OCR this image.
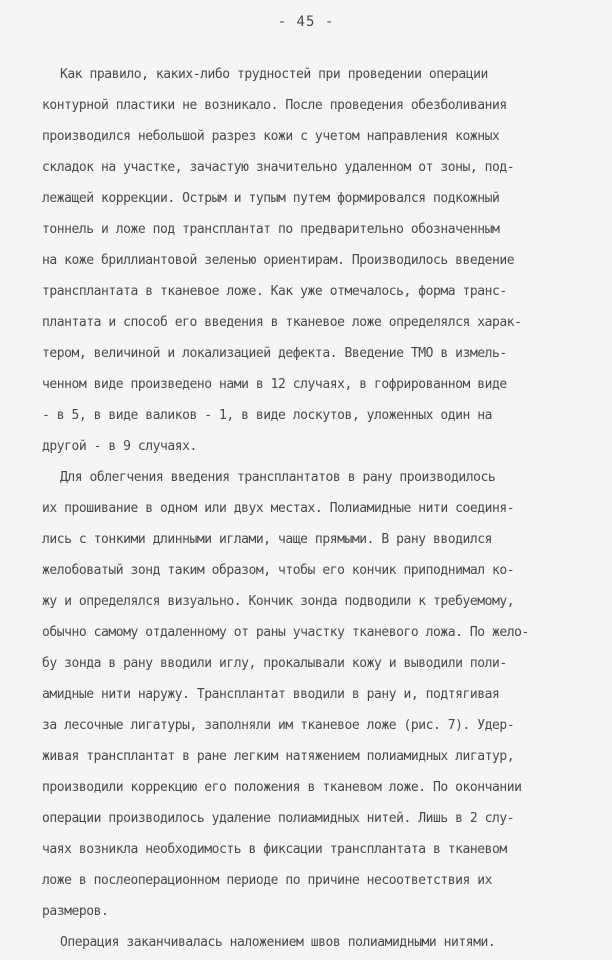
- 45 -
Как правило, каких-либо трудностей при проведении операции
контурной пластики не возникало. После проведения обезболивания
производился небольшой разрез кожи с учетом направления кожных
складок на участке, зачастую значительно удаленном от зоны, под-
лежащей коррекции. Острым и тупым путем формировался подкожный
тоннель и ложе под трансплантат по предварительно обозначенным
на коже бриллиантовой зеленью ориентирам. Производилось введение
трансплантата в тканевое ложе. Как уже отмечалось, форма транс-
плантата и способ его введения в тканевое ложе определялся харак-
тером, величиной и локализацией дефекта. Введение ТМО в измель-
ченном виде произведено нами в 12 случаях, в гофрированном виде
- в 5, в виде валиков - 1, в виде лоскутов, уложенных один на
другой - в 9 случаях.
Для облегчения введения трансплантатов в рану производилось
их прошивание в одном или двух местах. Полиамидные нити соединя-
лись с тонкими длинными иглами, чаще прямыми. В рану вводился
желобоватый зонд таким образом, чтобы его кончик приподнимал ко-
жу и определялся визуально. Кончик зонда подводили к требуемому,
обычно самому отдаленному от раны участку тканевого ложа. По жело-
бу зонда в рану вводили иглу, прокалывали кожу и выводили поли-
амидные нити наружу. Трансплантат вводили в рану и, подтягивая
за лесочные лигатуры, заполняли им тканевое ложе (рис. 7). Удер-
живая трансплантат в ране легким натяжением полиамидных лигатур,
производили коррекцию его положения в тканевом ложе. По окончании
операции производилось удаление полиамидных нитей. Лишь в 2 слу-
чаях возникла необходимость в фиксации трансплантата в тканевом
ложе в послеоперационном периоде по причине несоответствия их
размеров.
Операция заканчивалась наложением швов полиамидными нитями.
